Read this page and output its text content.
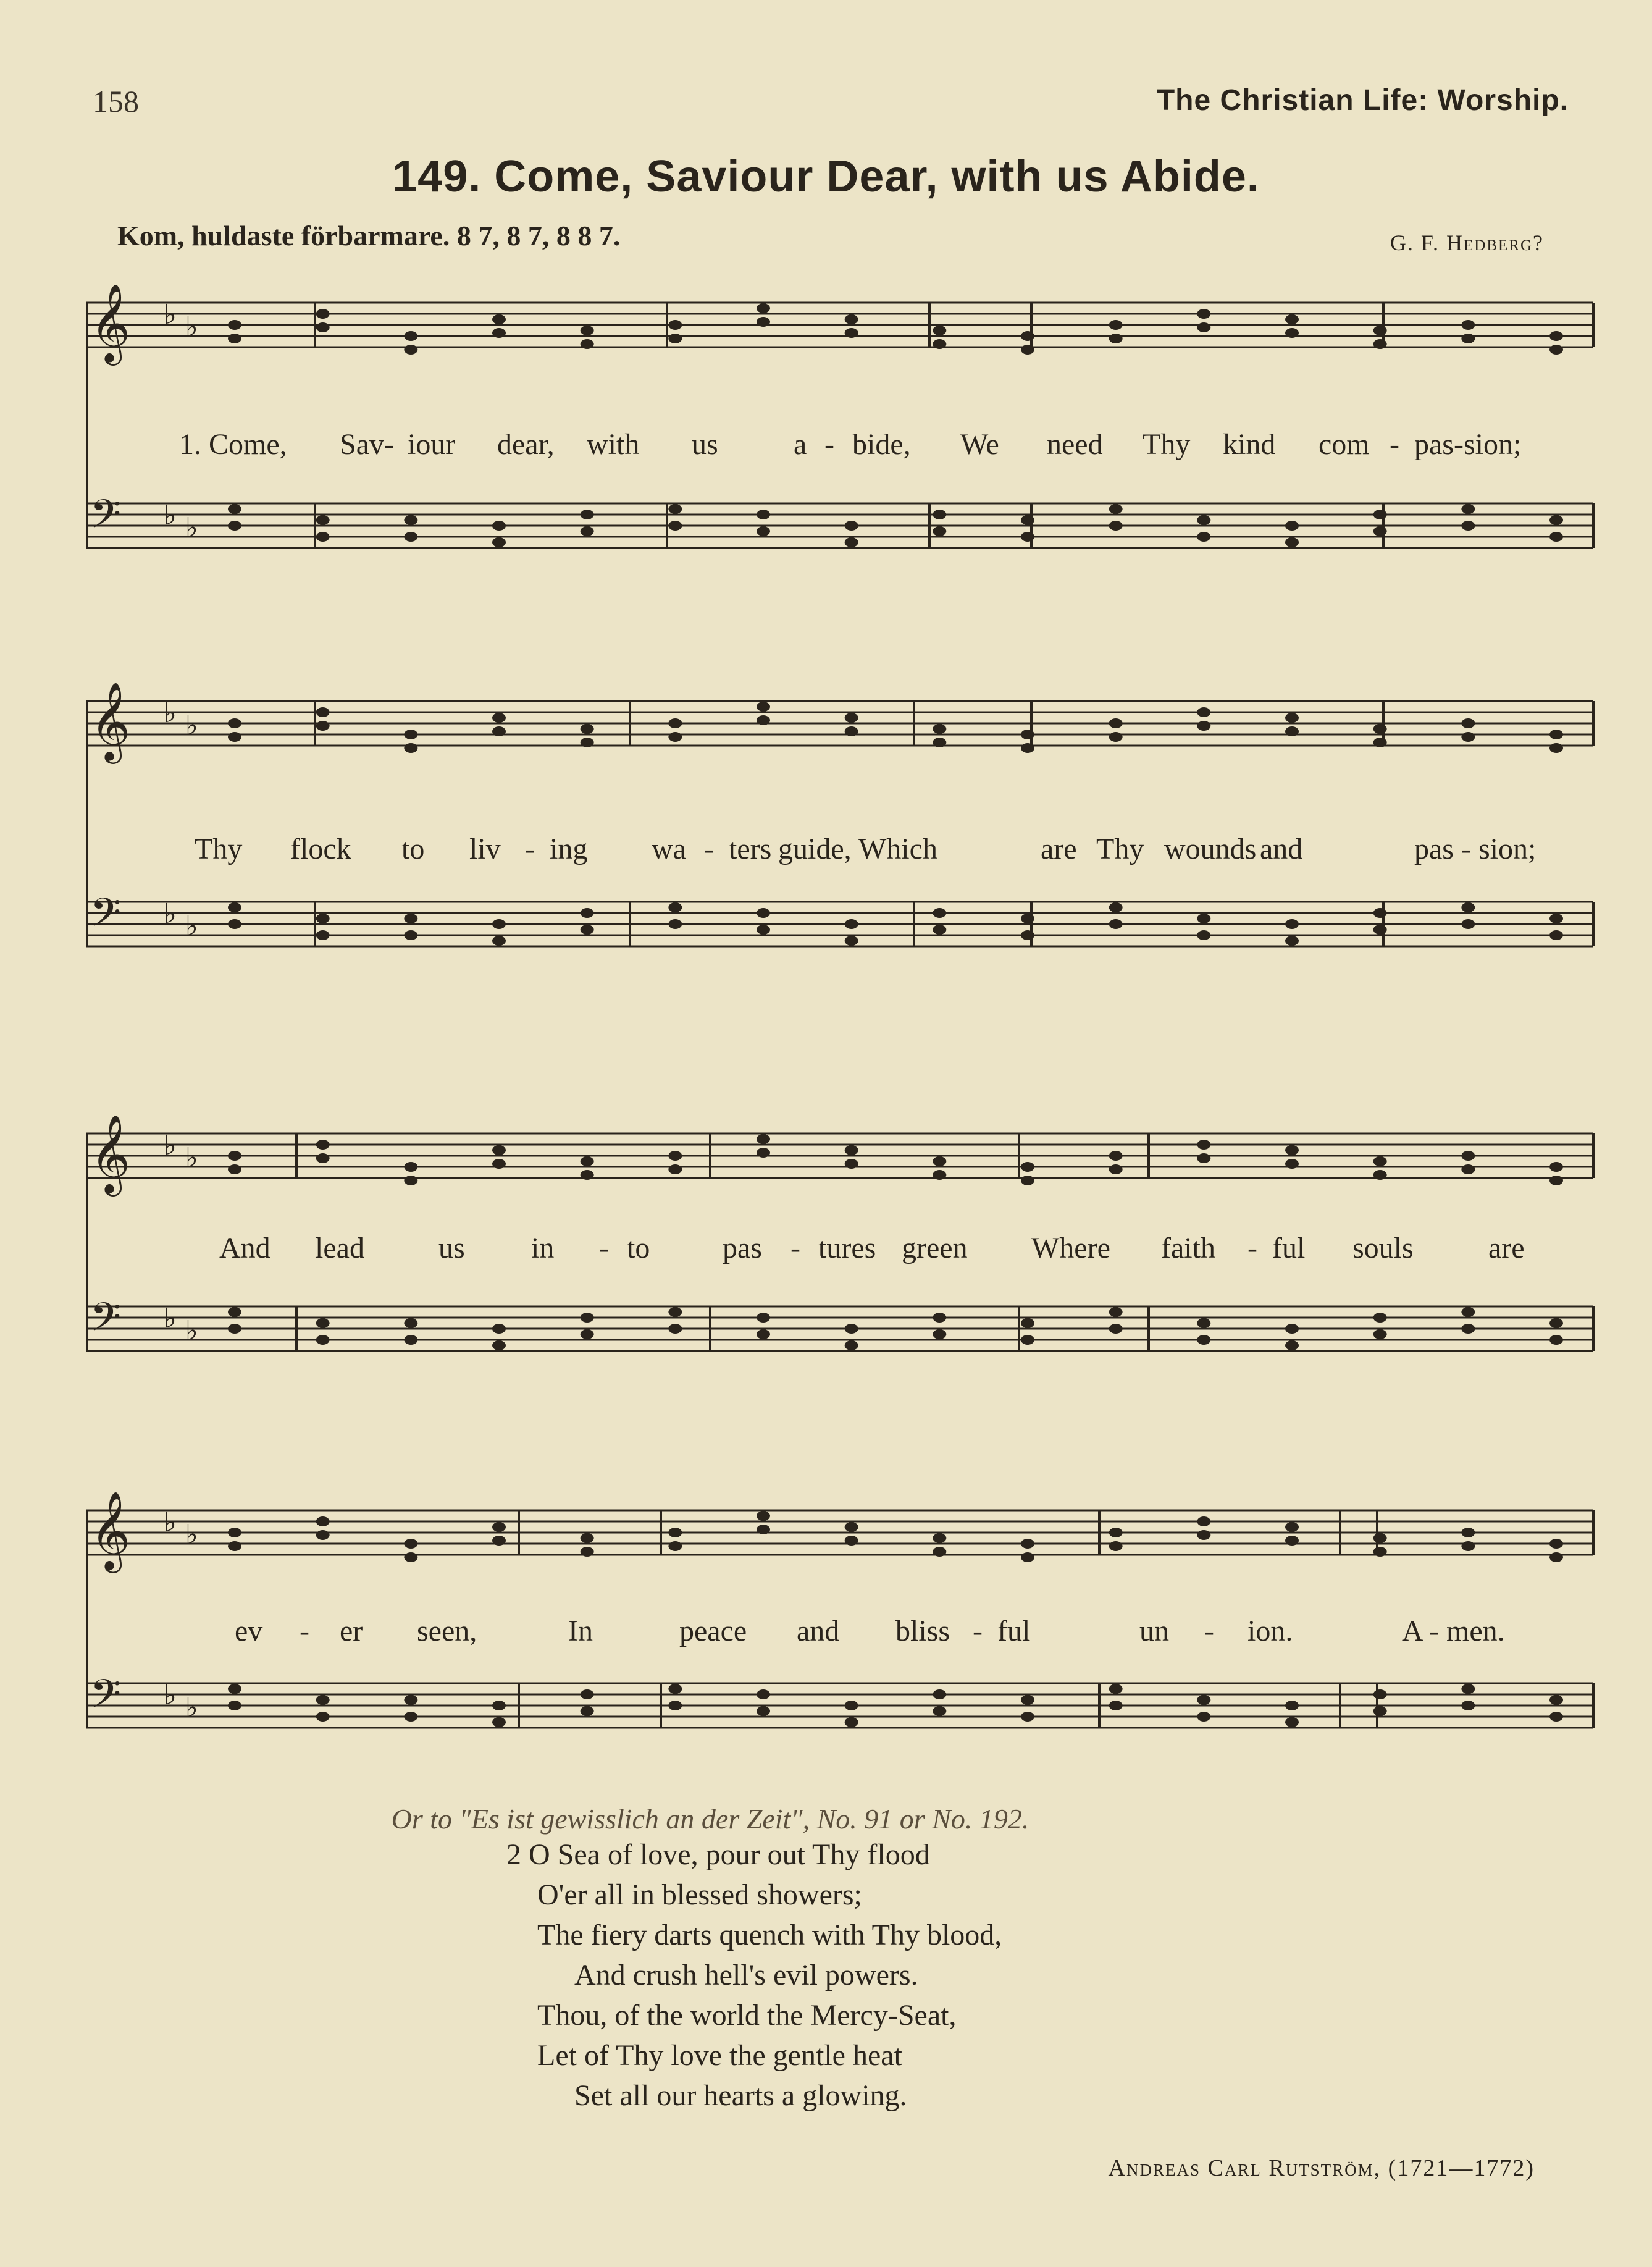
158	The Christian Life: Worship.
149. Come, Saviour Dear, with us Abide.
Kom, huldaste förbarmare. 8 7, 8 7, 8 8 7.	G. F. Hedberg?
𝄞 ♭ ♭
𝄢 ♭ ♭
1. Come, Sav- iour dear, with us	a - bide, We need Thy kind com - pas-sion;
𝄞 ♭ ♭
𝄢 ♭ ♭
Thy flock to liv - ing wa - ters guide, Which	are Thy wounds and	pas - sion;
𝄞 ♭ ♭
𝄢 ♭ ♭
And lead	us in - to pas - tures green Where faith - ful souls	are
𝄞 ♭ ♭
𝄢 ♭ ♭
ev - er seen,	In	peace and bliss - ful	un - ion.	A - men.
Or to "Es ist gewisslich an der Zeit", No. 91 or No. 192.
2 O Sea of love, pour out Thy flood
O'er all in blessed showers;
The fiery darts quench with Thy blood,
And crush hell's evil powers.
Thou, of the world the Mercy-Seat,
Let of Thy love the gentle heat
Set all our hearts a glowing.
Andreas Carl Rutström, (1721—1772)
